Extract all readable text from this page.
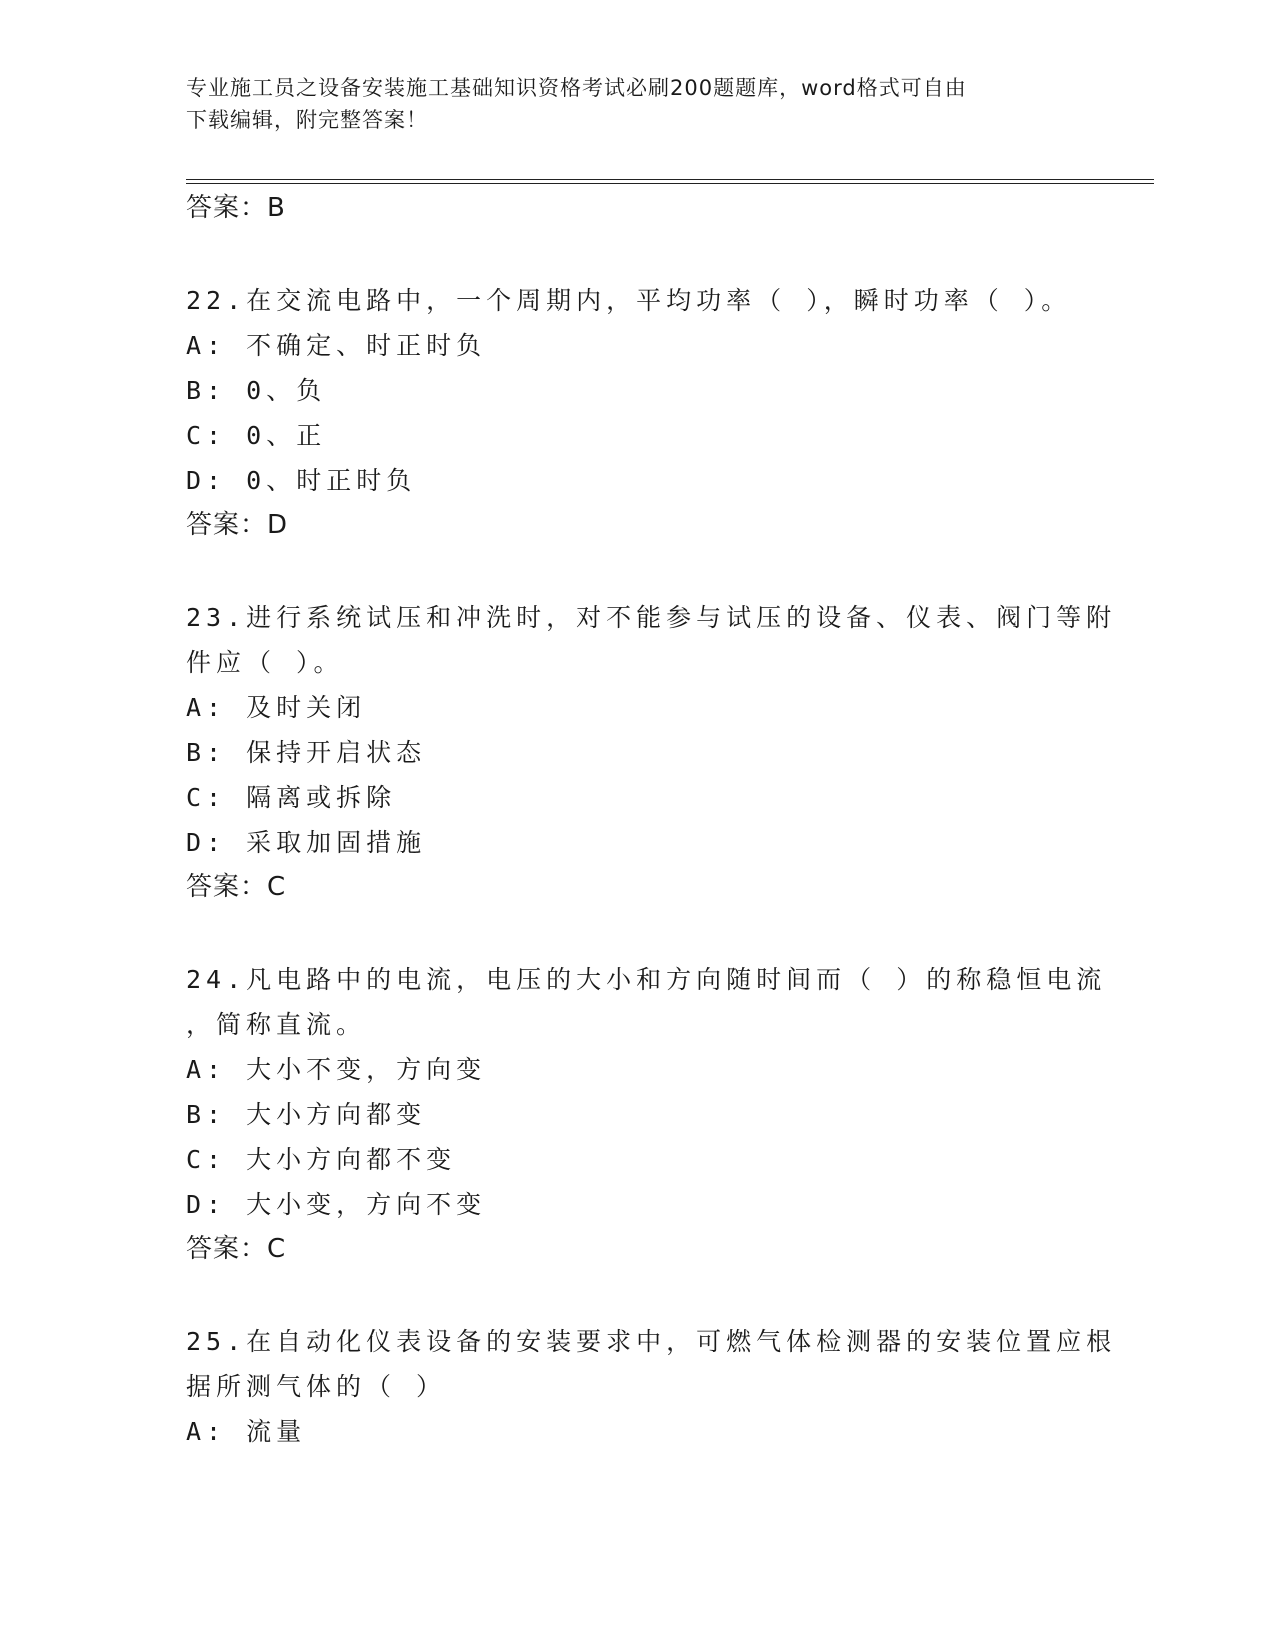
专业施工员之设备安装施工基础知识资格考试必刷200题题库，word格式可自由
下载编辑，附完整答案！
答案：B
22.在交流电路中，一个周期内，平均功率（ ），瞬时功率（ ）。
A: 不确定、时正时负
B: 0、负
C: 0、正
D: 0、时正时负
答案：D
23.进行系统试压和冲洗时，对不能参与试压的设备、仪表、阀门等附
件应（ ）。
A: 及时关闭
B: 保持开启状态
C: 隔离或拆除
D: 采取加固措施
答案：C
24.凡电路中的电流，电压的大小和方向随时间而（ ）的称稳恒电流
，简称直流。
A: 大小不变，方向变
B: 大小方向都变
C: 大小方向都不变
D: 大小变，方向不变
答案：C
25.在自动化仪表设备的安装要求中，可燃气体检测器的安装位置应根
据所测气体的（ ）
A: 流量
